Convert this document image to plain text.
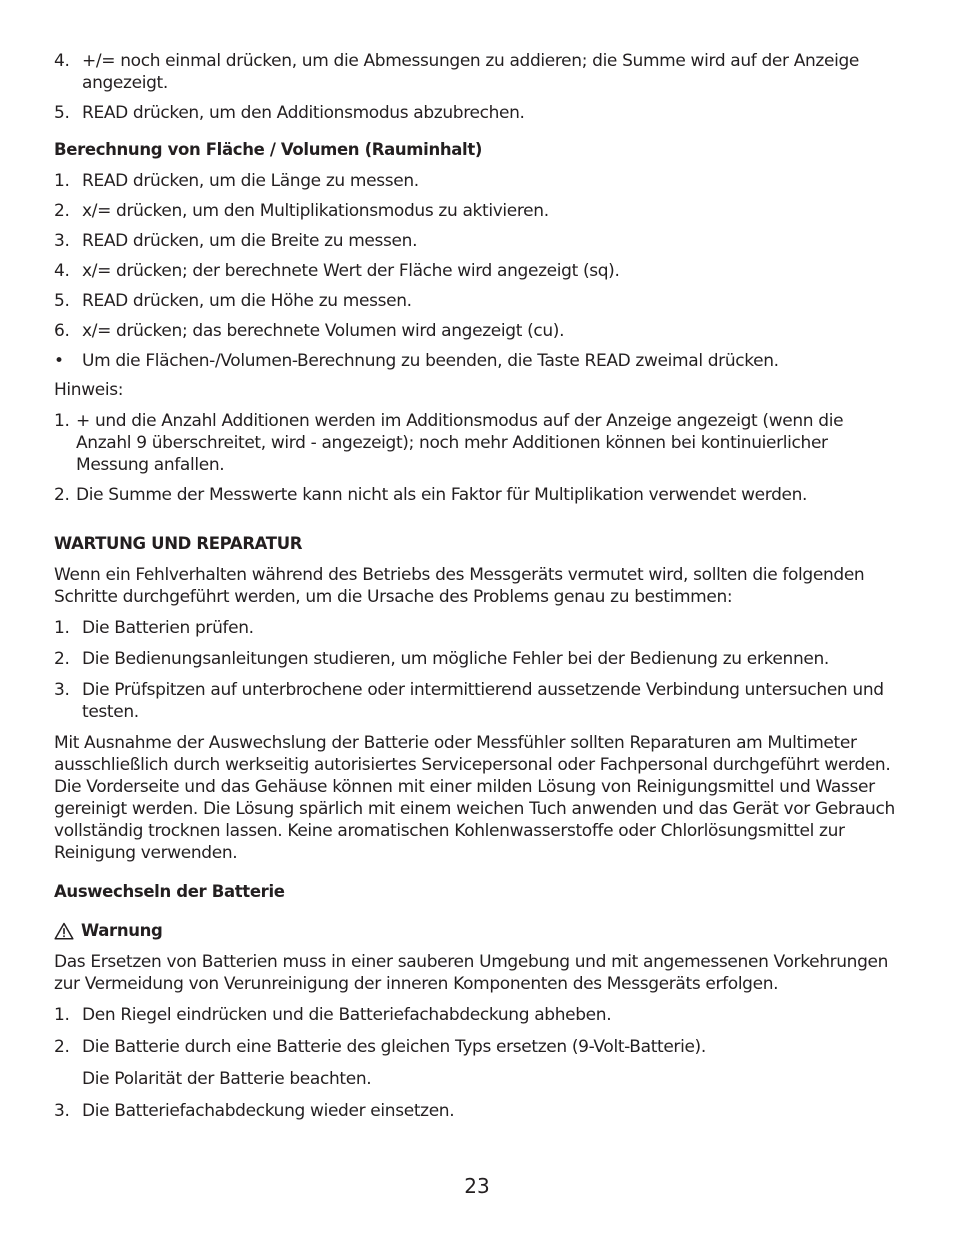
4. +/= noch einmal drücken, um die Abmessungen zu addieren; die Summe wird auf der Anzeige angezeigt.
5. READ drücken, um den Additionsmodus abzubrechen.
Berechnung von Fläche / Volumen (Rauminhalt)
1. READ drücken, um die Länge zu messen.
2. x/= drücken, um den Multiplikationsmodus zu aktivieren.
3. READ drücken, um die Breite zu messen.
4. x/= drücken; der berechnete Wert der Fläche wird angezeigt (sq).
5. READ drücken, um die Höhe zu messen.
6. x/= drücken; das berechnete Volumen wird angezeigt (cu).
• Um die Flächen-/Volumen-Berechnung zu beenden, die Taste READ zweimal drücken.
Hinweis:
1. + und die Anzahl Additionen werden im Additionsmodus auf der Anzeige angezeigt (wenn die Anzahl 9 überschreitet, wird - angezeigt); noch mehr Additionen können bei kontinuierlicher Messung anfallen.
2. Die Summe der Messwerte kann nicht als ein Faktor für Multiplikation verwendet werden.
WARTUNG UND REPARATUR

Wenn ein Fehlverhalten während des Betriebs des Messgeräts vermutet wird, sollten die folgenden Schritte durchgeführt werden, um die Ursache des Problems genau zu bestimmen:

1. Die Batterien prüfen.
2. Die Bedienungsanleitungen studieren, um mögliche Fehler bei der Bedienung zu erkennen.
3. Die Prüfspitzen auf unterbrochene oder intermittierend aussetzende Verbindung untersuchen und testen.

Mit Ausnahme der Auswechslung der Batterie oder Messfühler sollten Reparaturen am Multimeter ausschließlich durch werkseitig autorisiertes Servicepersonal oder Fachpersonal durchgeführt werden. Die Vorderseite und das Gehäuse können mit einer milden Lösung von Reinigungsmittel und Wasser gereinigt werden. Die Lösung spärlich mit einem weichen Tuch anwenden und das Gerät vor Gebrauch vollständig trocknen lassen. Keine aromatischen Kohlenwasserstoffe oder Chlorlösungsmittel zur Reinigung verwenden.

Auswechseln der Batterie
Warnung

Das Ersetzen von Batterien muss in einer sauberen Umgebung und mit angemessenen Vorkehrungen zur Vermeidung von Verunreinigung der inneren Komponenten des Messgeräts erfolgen.

1. Den Riegel eindrücken und die Batteriefachabdeckung abheben.
2. Die Batterie durch eine Batterie des gleichen Typs ersetzen (9-Volt-Batterie).
Die Polarität der Batterie beachten.
3. Die Batteriefachabdeckung wieder einsetzen.
23
